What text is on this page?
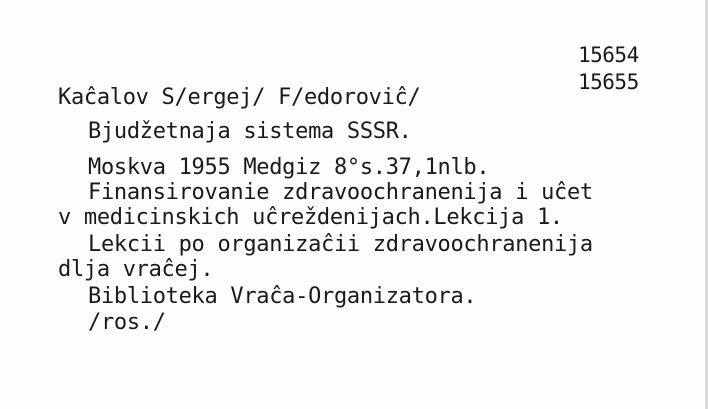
15654
15655
Kaĉalov S/ergej/ F/edoroviĉ/
Bjudžetnaja sistema SSSR.
Moskva 1955 Medgiz 8°s.37,1nlb.
Finansirovanie zdravoochranenija i uĉet
v medicinskich uĉreždenijach.Lekcija 1.
Lekcii po organizaĉii zdravoochranenija
dlja vraĉej.
Biblioteka Vraĉa-Organizatora.
/ros./
